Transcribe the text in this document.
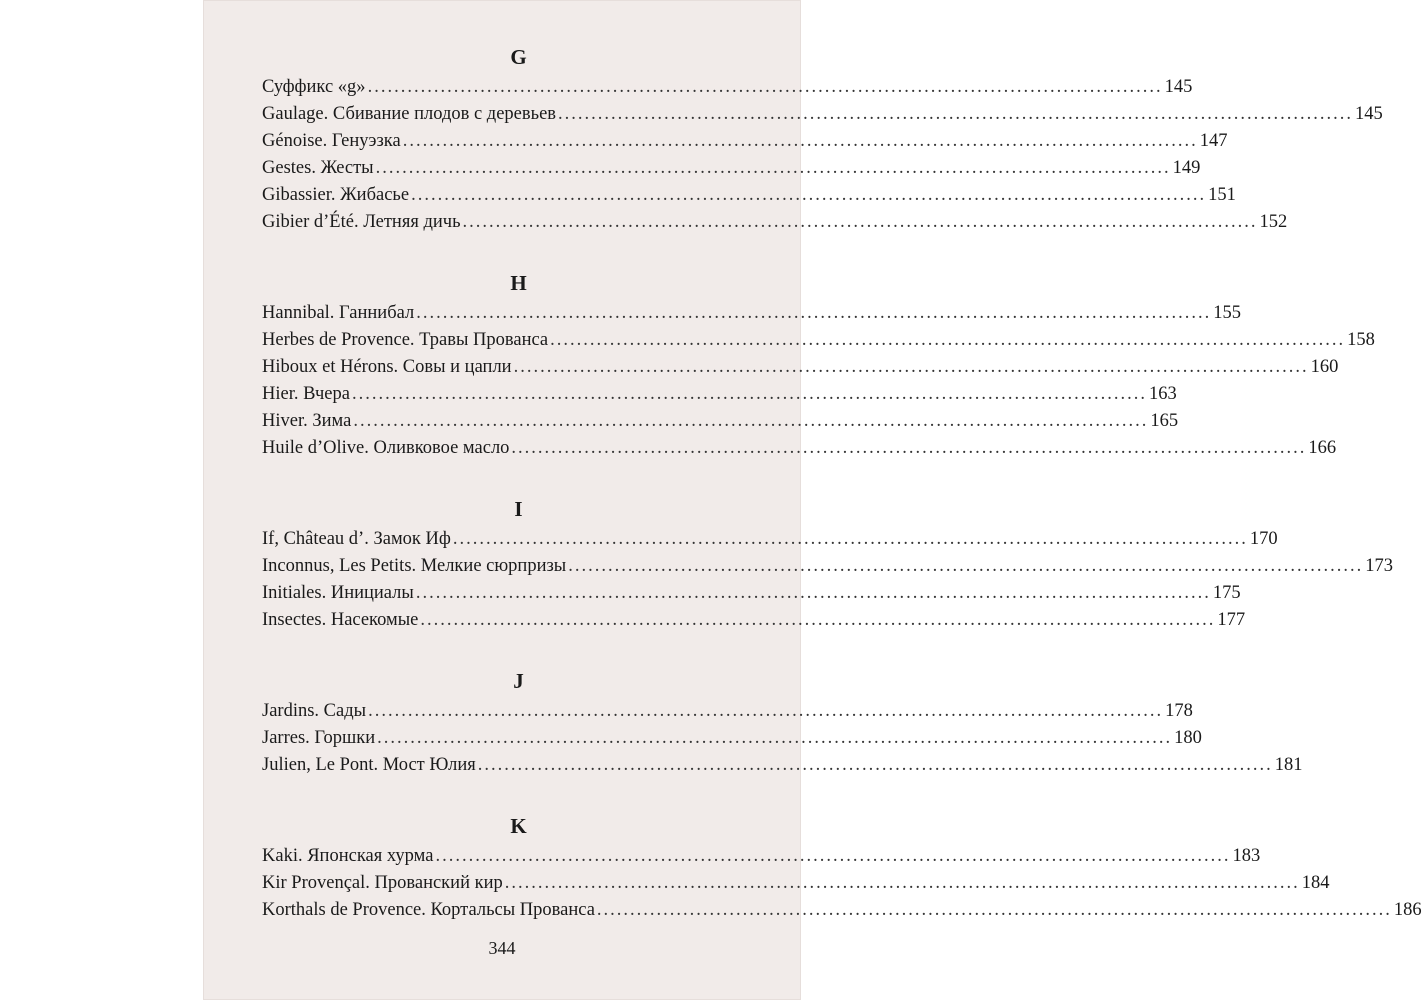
G
Суффикс «g» ........................................................................................................................ 145
Gaulage. Сбивание плодов с деревьев ........................................................................................................................ 145
Génoise. Генуэзка ........................................................................................................................ 147
Gestes. Жесты ........................................................................................................................ 149
Gibassier. Жибасье ........................................................................................................................ 151
Gibier d’Été. Летняя дичь ........................................................................................................................ 152
H
Hannibal. Ганнибал ........................................................................................................................ 155
Herbes de Provence. Травы Прованса ........................................................................................................................ 158
Hiboux et Hérons. Совы и цапли ........................................................................................................................ 160
Hier. Вчера ........................................................................................................................ 163
Hiver. Зима ........................................................................................................................ 165
Huile d’Olive. Оливковое масло ........................................................................................................................ 166
I
If, Château d’. Замок Иф ........................................................................................................................ 170
Inconnus, Les Petits. Мелкие сюрпризы ........................................................................................................................ 173
Initiales. Инициалы ........................................................................................................................ 175
Insectes. Насекомые ........................................................................................................................ 177
J
Jardins. Сады ........................................................................................................................ 178
Jarres. Горшки ........................................................................................................................ 180
Julien, Le Pont. Мост Юлия ........................................................................................................................ 181
K
Kaki. Японская хурма ........................................................................................................................ 183
Kir Provençal. Прованский кир ........................................................................................................................ 184
Korthals de Provence. Кортальсы Прованса ........................................................................................................................ 186
344
